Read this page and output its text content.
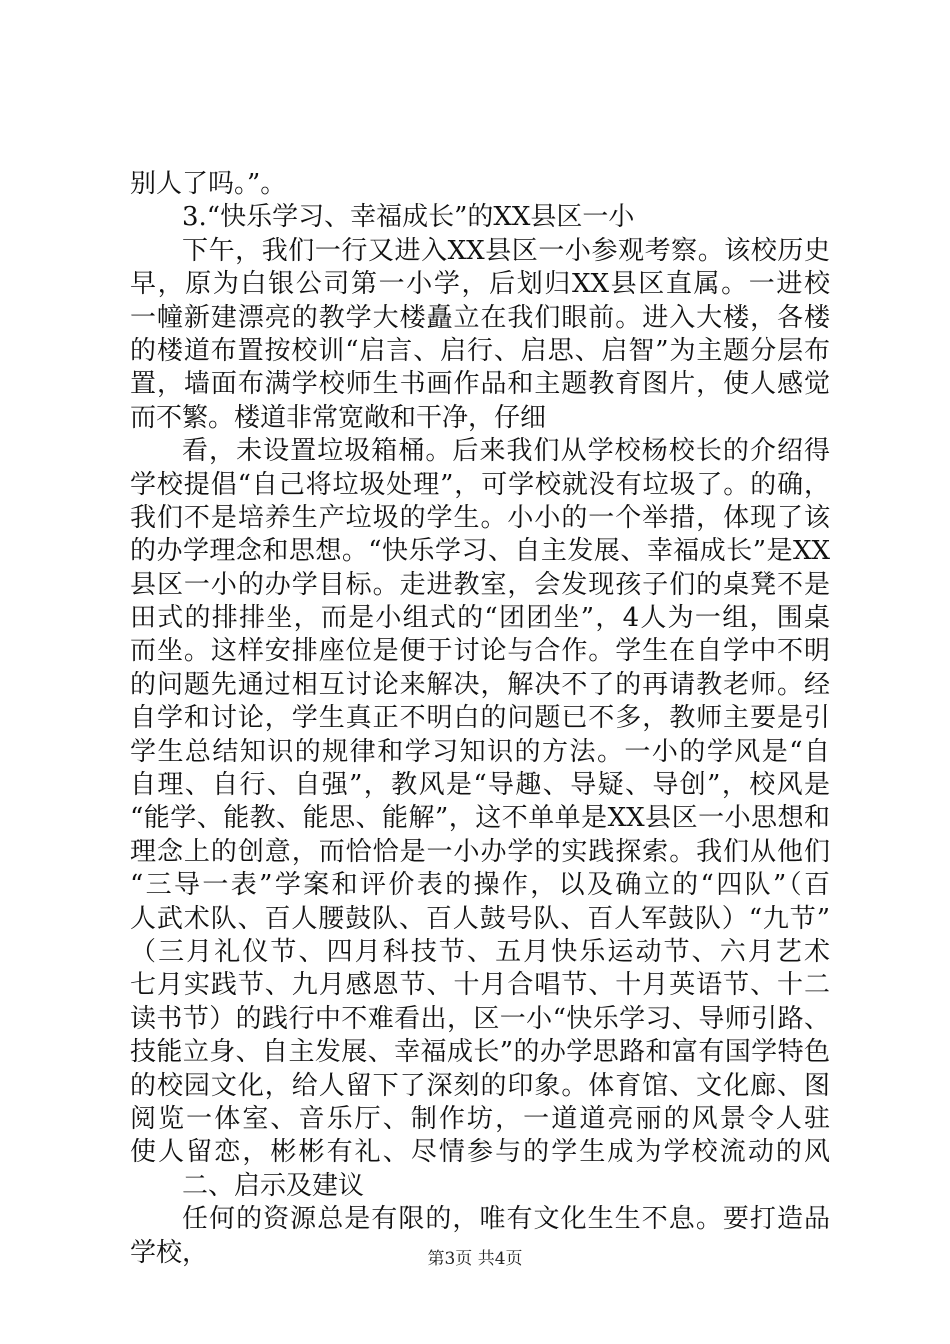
别人了吗。”。
3.“快乐学习、幸福成长”的XX县区一小
下午，我们一行又进入XX县区一小参观考察。该校历史
早，原为白银公司第一小学，后划归XX县区直属。一进校
一幢新建漂亮的教学大楼矗立在我们眼前。进入大楼，各楼
的楼道布置按校训“启言、启行、启思、启智”为主题分层布
置，墙面布满学校师生书画作品和主题教育图片，使人感觉
而不繁。楼道非常宽敞和干净，仔细
看，未设置垃圾箱桶。后来我们从学校杨校长的介绍得
学校提倡“自己将垃圾处理”，可学校就没有垃圾了。的确，
我们不是培养生产垃圾的学生。小小的一个举措，体现了该
的办学理念和思想。“快乐学习、自主发展、幸福成长”是XX
县区一小的办学目标。走进教室，会发现孩子们的桌凳不是
田式的排排坐，而是小组式的“团团坐”，4人为一组，围桌
而坐。这样安排座位是便于讨论与合作。学生在自学中不明
的问题先通过相互讨论来解决，解决不了的再请教老师。经
自学和讨论，学生真正不明白的问题已不多，教师主要是引
学生总结知识的规律和学习知识的方法。一小的学风是“自
自理、自行、自强”，教风是“导趣、导疑、导创”，校风是
“能学、能教、能思、能解”，这不单单是XX县区一小思想和
理念上的创意，而恰恰是一小办学的实践探索。我们从他们
“三导一表”学案和评价表的操作，以及确立的“四队”（百
人武术队、百人腰鼓队、百人鼓号队、百人军鼓队）“九节”
（三月礼仪节、四月科技节、五月快乐运动节、六月艺术
七月实践节、九月感恩节、十月合唱节、十月英语节、十二
读书节）的践行中不难看出，区一小“快乐学习、导师引路、
技能立身、自主发展、幸福成长”的办学思路和富有国学特色
的校园文化，给人留下了深刻的印象。体育馆、文化廊、图
阅览一体室、音乐厅、制作坊，一道道亮丽的风景令人驻
使人留恋，彬彬有礼、尽情参与的学生成为学校流动的风
二、启示及建议
任何的资源总是有限的，唯有文化生生不息。要打造品
学校，	第3页 共4页
